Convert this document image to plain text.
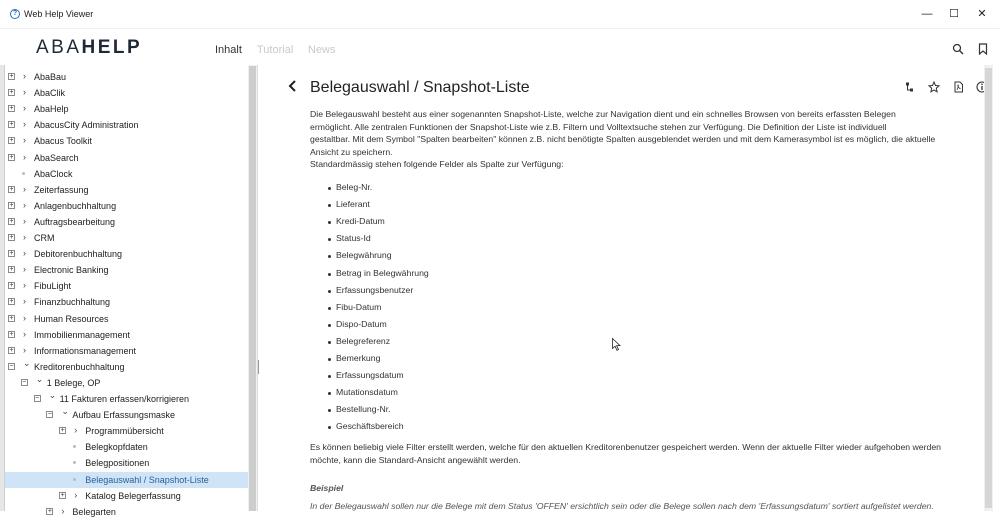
? Web Help Viewer	—	☐	✕
ABAHELP	Inhalt Tutorial News
+ › AbaBau
+ › AbaClik
+ › AbaHelp
+ › AbacusCity Administration
+ › Abacus Toolkit
+ › AbaSearch
AbaClock
+ › Zeiterfassung
+ › Anlagenbuchhaltung
+ › Auftragsbearbeitung
+ › CRM
+ › Debitorenbuchhaltung
+ › Electronic Banking
+ › FibuLight
+ › Finanzbuchhaltung
+ › Human Resources
+ › Immobilienmanagement
+ › Informationsmanagement
− ⌄ Kreditorenbuchhaltung
− ⌄ 1 Belege, OP
− ⌄ 11 Fakturen erfassen/korrigieren
− ⌄ Aufbau Erfassungsmaske
+ › Programmübersicht
Belegkopfdaten
Belegpositionen
Belegauswahl / Snapshot-Liste
+ › Katalog Belegerfassung
+ › Belegarten
Belegauswahl / Snapshot-Liste
Die Belegauswahl besteht aus einer sogenannten Snapshot-Liste, welche zur Navigation dient und ein schnelles Browsen von bereits erfassten Belegen
ermöglicht. Alle zentralen Funktionen der Snapshot-Liste wie z.B. Filtern und Volltextsuche stehen zur Verfügung. Die Definition der Liste ist individuell
gestaltbar. Mit dem Symbol "Spalten bearbeiten" können z.B. nicht benötigte Spalten ausgeblendet werden und mit dem Kamerasymbol ist es möglich, die aktuelle
Ansicht zu speichern.
Standardmässig stehen folgende Felder als Spalte zur Verfügung:
Beleg-Nr.
Lieferant
Kredi-Datum
Status-Id
Belegwährung
Betrag in Belegwährung
Erfassungsbenutzer
Fibu-Datum
Dispo-Datum
Belegreferenz
Bemerkung
Erfassungsdatum
Mutationsdatum
Bestellung-Nr.
Geschäftsbereich
Es können beliebig viele Filter erstellt werden, welche für den aktuellen Kreditorenbenutzer gespeichert werden. Wenn der aktuelle Filter wieder aufgehoben werden
möchte, kann die Standard-Ansicht angewählt werden.
Beispiel
In der Belegauswahl sollen nur die Belege mit dem Status 'OFFEN' ersichtlich sein oder die Belege sollen nach dem 'Erfassungsdatum' sortiert aufgelistet werden.
